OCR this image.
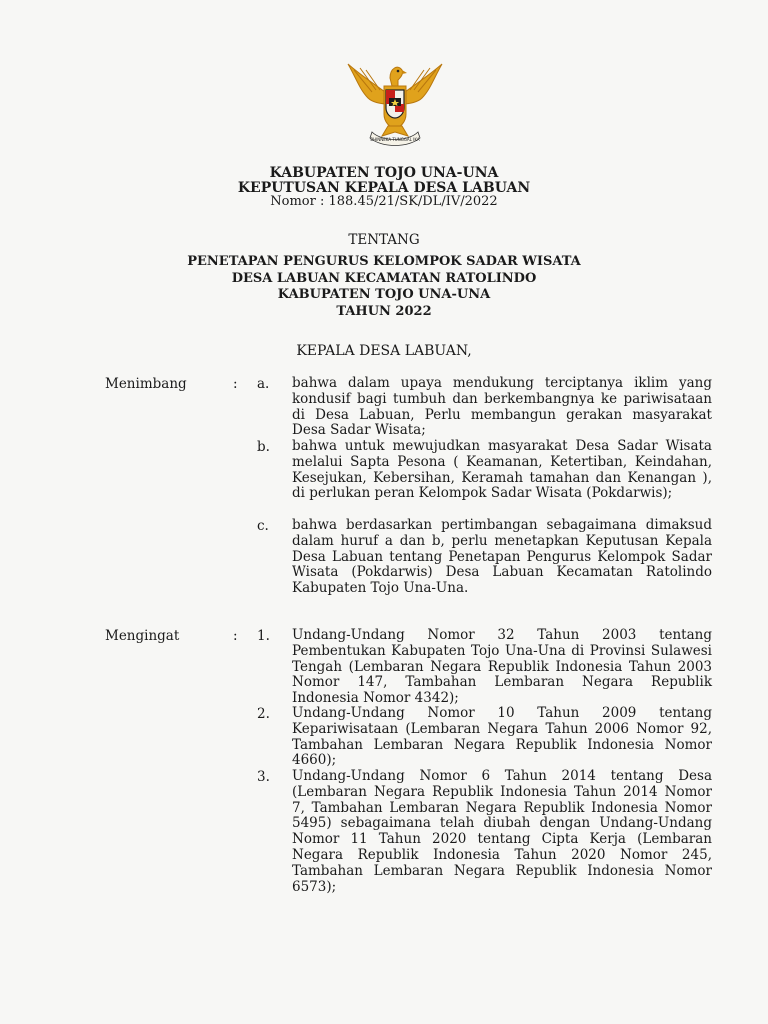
BHINNEKA TUNGGAL IKA
KABUPATEN TOJO UNA-UNA
KEPUTUSAN KEPALA DESA LABUAN
Nomor : 188.45/21/SK/DL/IV/2022
TENTANG
PENETAPAN PENGURUS KELOMPOK SADAR WISATA
DESA LABUAN KECAMATAN RATOLINDO
KABUPATEN TOJO UNA-UNA
TAHUN 2022
KEPALA DESA LABUAN,
Menimbang	: a. bahwa dalam upaya mendukung terciptanya iklim yang kondusif bagi tumbuh dan berkembangnya ke pariwisataan di Desa Labuan, Perlu membangun gerakan masyarakat Desa Sadar Wisata;
b. bahwa untuk mewujudkan masyarakat Desa Sadar Wisata melalui Sapta Pesona ( Keamanan, Ketertiban, Keindahan, Kesejukan, Kebersihan, Keramah tamahan dan Kenangan ), di perlukan peran Kelompok Sadar Wisata (Pokdarwis);
c. bahwa berdasarkan pertimbangan sebagaimana dimaksud dalam huruf a dan b, perlu menetapkan Keputusan Kepala Desa Labuan tentang Penetapan Pengurus Kelompok Sadar Wisata (Pokdarwis) Desa Labuan Kecamatan Ratolindo Kabupaten Tojo Una-Una.
Mengingat	: 1. Undang-Undang Nomor 32 Tahun 2003 tentang Pembentukan Kabupaten Tojo Una-Una di Provinsi Sulawesi Tengah (Lembaran Negara Republik Indonesia Tahun 2003 Nomor 147, Tambahan Lembaran Negara Republik Indonesia Nomor 4342);
2. Undang-Undang Nomor 10 Tahun 2009 tentang Kepariwisataan (Lembaran Negara Tahun 2006 Nomor 92, Tambahan Lembaran Negara Republik Indonesia Nomor 4660);
3. Undang-Undang Nomor 6 Tahun 2014 tentang Desa (Lembaran Negara Republik Indonesia Tahun 2014 Nomor 7, Tambahan Lembaran Negara Republik Indonesia Nomor 5495) sebagaimana telah diubah dengan Undang-Undang Nomor 11 Tahun 2020 tentang Cipta Kerja (Lembaran Negara Republik Indonesia Tahun 2020 Nomor 245, Tambahan Lembaran Negara Republik Indonesia Nomor 6573);
